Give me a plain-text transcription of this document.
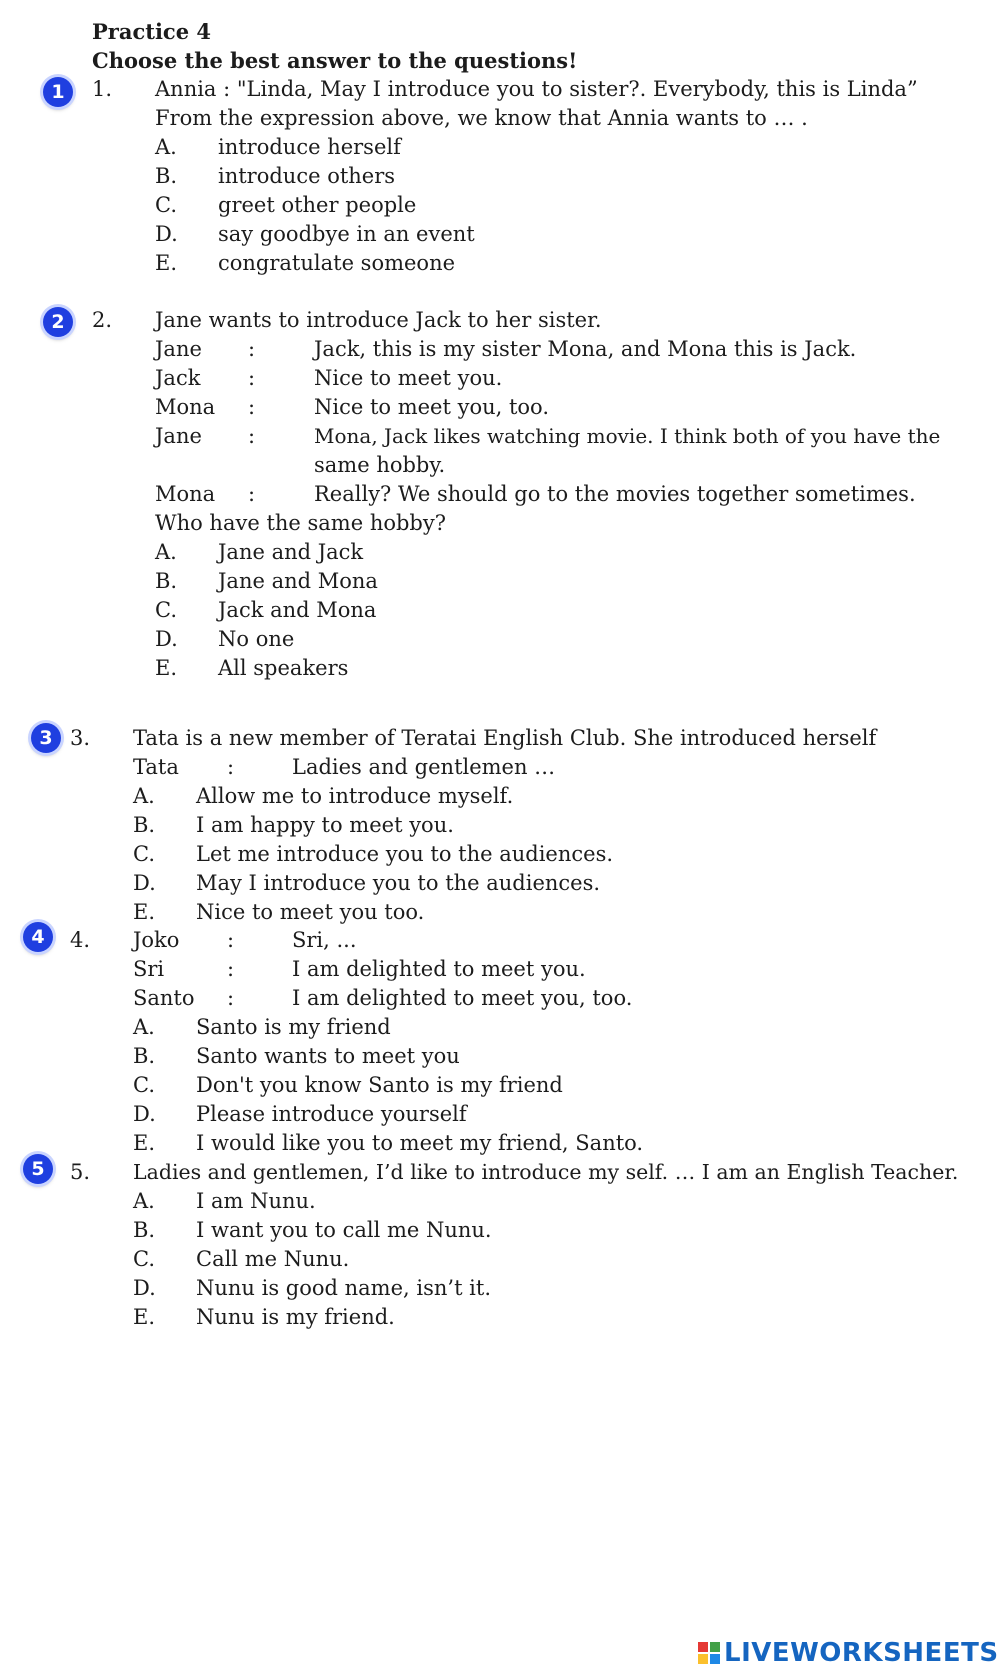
Practice 4
Choose the best answer to the questions!
1	1. Annia : "Linda, May I introduce you to sister?. Everybody, this is Linda”
From the expression above, we know that Annia wants to … .
A. introduce herself
B. introduce others
C. greet other people
D. say goodbye in an event
E. congratulate someone
2	2. Jane wants to introduce Jack to her sister.
Jane :	Jack, this is my sister Mona, and Mona this is Jack.
Jack :	Nice to meet you.
Mona :	Nice to meet you, too.
Jane :	Mona, Jack likes watching movie. I think both of you have the
same hobby.
Mona :	Really? We should go to the movies together sometimes.
Who have the same hobby?
A. Jane and Jack
B. Jane and Mona
C. Jack and Mona
D. No one
E. All speakers
3 3. Tata is a new member of Teratai English Club. She introduced herself
Tata :	Ladies and gentlemen …
A. Allow me to introduce myself.
B. I am happy to meet you.
C. Let me introduce you to the audiences.
D. May I introduce you to the audiences.
E. Nice to meet you too.
4	4. Joko :	Sri, ...
Sri	:	I am delighted to meet you.
Santo :	I am delighted to meet you, too.
A. Santo is my friend
B. Santo wants to meet you
C. Don't you know Santo is my friend
D. Please introduce yourself
E. I would like you to meet my friend, Santo.
5	5. Ladies and gentlemen, I’d like to introduce my self. … I am an English Teacher.
A. I am Nunu.
B. I want you to call me Nunu.
C. Call me Nunu.
D. Nunu is good name, isn’t it.
E. Nunu is my friend.
LIVEWORKSHEETS
